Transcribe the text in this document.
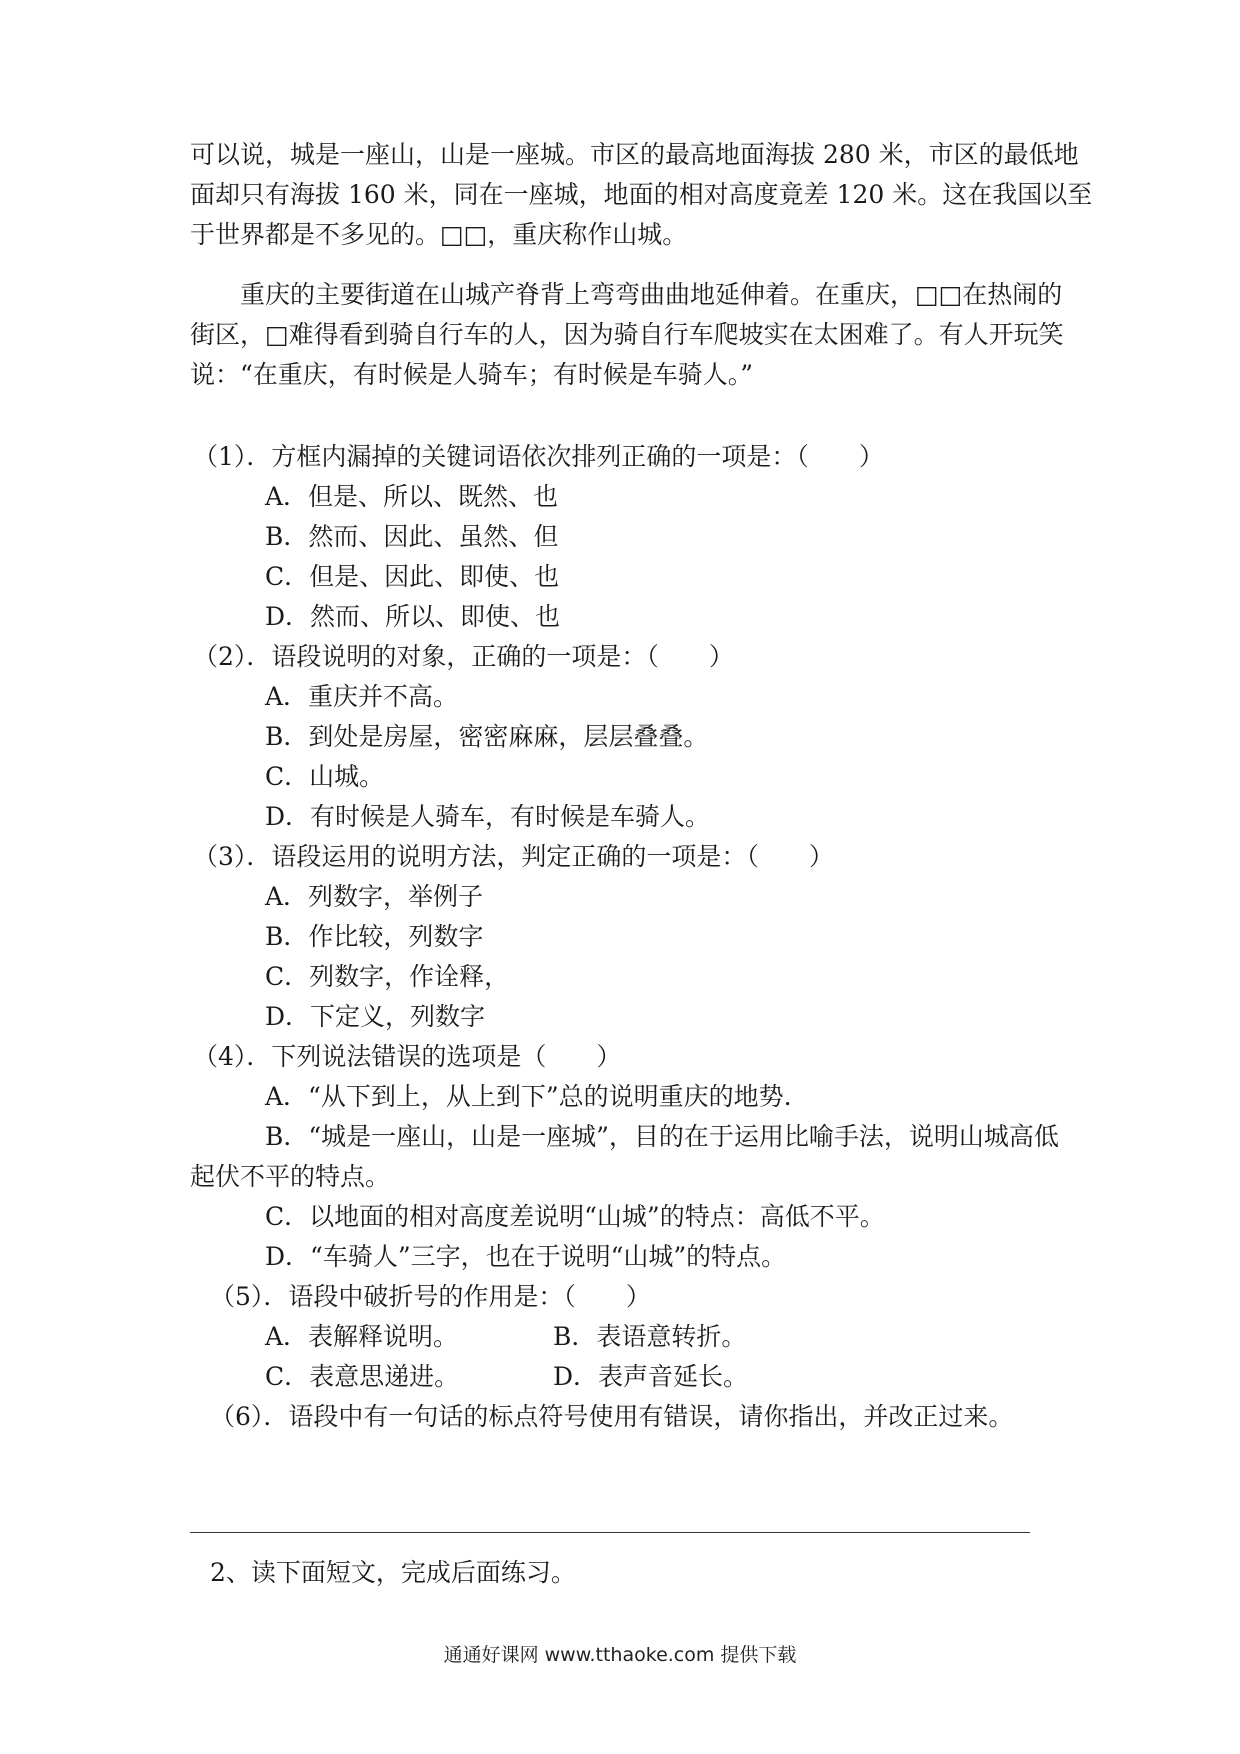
可以说，城是一座山，山是一座城。市区的最高地面海拔 280 米，市区的最低地
面却只有海拔 160 米，同在一座城，地面的相对高度竟差 120 米。这在我国以至
于世界都是不多见的。□□，重庆称作山城。
重庆的主要街道在山城产脊背上弯弯曲曲地延伸着。在重庆，□□在热闹的
街区，□难得看到骑自行车的人，因为骑自行车爬坡实在太困难了。有人开玩笑
说：“在重庆，有时候是人骑车；有时候是车骑人。”
（1）．方框内漏掉的关键词语依次排列正确的一项是：（　　）
A．但是、所以、既然、也
B．然而、因此、虽然、但
C．但是、因此、即使、也
D．然而、所以、即使、也
（2）．语段说明的对象，正确的一项是：（　　）
A．重庆并不高。
B．到处是房屋，密密麻麻，层层叠叠。
C．山城。
D．有时候是人骑车，有时候是车骑人。
（3）．语段运用的说明方法，判定正确的一项是：（　　）
A．列数字，举例子
B．作比较，列数字
C．列数字，作诠释，
D．下定义，列数字
（4）．下列说法错误的选项是（　　）
A．“从下到上，从上到下”总的说明重庆的地势.
B．“城是一座山，山是一座城”，目的在于运用比喻手法，说明山城高低
起伏不平的特点。
C．以地面的相对高度差说明“山城”的特点：高低不平。
D．“车骑人”三字，也在于说明“山城”的特点。
（5）．语段中破折号的作用是：（　　）
A．表解释说明。	B．表语意转折。
C．表意思递进。	D．表声音延长。
（6）．语段中有一句话的标点符号使用有错误，请你指出，并改正过来。
2、读下面短文，完成后面练习。
通通好课网 www.tthaoke.com 提供下载
